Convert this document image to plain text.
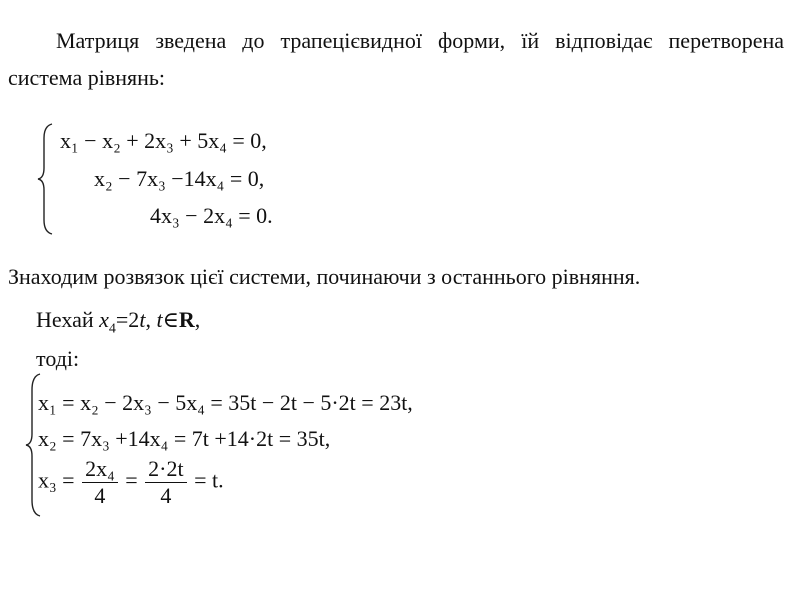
Матриця зведена до трапецієвидної форми, їй відповідає перетворена система рівнянь:

x₁ − x₂ + 2x₃ + 5x₄ = 0,
x₂ − 7x₃ −14x₄ = 0,
4x₃ − 2x₄ = 0.

Знаходим розвязок цієї системи, починаючи з останнього рівняння.

Нехай $x_4=2t$, t∈R,

тоді:

x₁ = x₂ − 2x₃ − 5x₄ = 35t − 2t − 5·2t = 23t,
x₂ = 7x₃ +14x₄ = 7t +14·2t = 35t,
$x_3 = \frac{\text{2x₄}}{4} = \frac{2\cdot 2t}{4} = t$.
